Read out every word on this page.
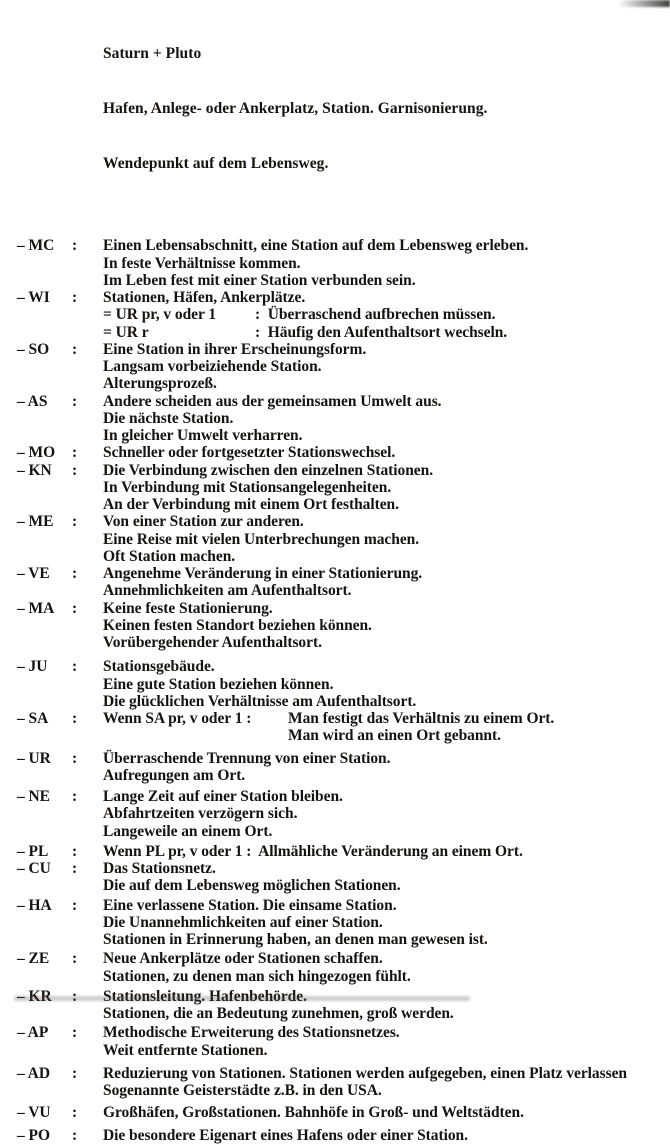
Saturn + Pluto

Hafen, Anlege- oder Ankerplatz, Station. Garnisonierung.

Wendepunkt auf dem Lebensweg.

– MC	:	Einen Lebensabschnitt, eine Station auf dem Lebensweg erleben.
In feste Verhältnisse kommen.
Im Leben fest mit einer Station verbunden sein.
– WI	:	Stationen, Häfen, Ankerplätze.
= UR pr, v oder 1	:  Überraschend aufbrechen müssen.
= UR r	:  Häufig den Aufenthaltsort wechseln.
– SO	:	Eine Station in ihrer Erscheinungsform.
Langsam vorbeiziehende Station.
Alterungsprozeß.
– AS	:	Andere scheiden aus der gemeinsamen Umwelt aus.
Die nächste Station.
In gleicher Umwelt verharren.
– MO	:	Schneller oder fortgesetzter Stationswechsel.
– KN	:	Die Verbindung zwischen den einzelnen Stationen.
In Verbindung mit Stationsangelegenheiten.
An der Verbindung mit einem Ort festhalten.
– ME	:	Von einer Station zur anderen.
Eine Reise mit vielen Unterbrechungen machen.
Oft Station machen.
– VE	:	Angenehme Veränderung in einer Stationierung.
Annehmlichkeiten am Aufenthaltsort.
– MA	:	Keine feste Stationierung.
Keinen festen Standort beziehen können.
Vorübergehender Aufenthaltsort.
– JU	:	Stationsgebäude.
Eine gute Station beziehen können.
Die glücklichen Verhältnisse am Aufenthaltsort.
– SA	:	Wenn SA pr, v oder 1 : Man festigt das Verhältnis zu einem Ort.
Man wird an einen Ort gebannt.
– UR	:	Überraschende Trennung von einer Station.
Aufregungen am Ort.
– NE	:	Lange Zeit auf einer Station bleiben.
Abfahrtzeiten verzögern sich.
Langeweile an einem Ort.
– PL	:	Wenn PL pr, v oder 1 :  Allmähliche Veränderung an einem Ort.
– CU	:	Das Stationsnetz.
Die auf dem Lebensweg möglichen Stationen.
– HA	:	Eine verlassene Station. Die einsame Station.
Die Unannehmlichkeiten auf einer Station.
Stationen in Erinnerung haben, an denen man gewesen ist.
– ZE	:	Neue Ankerplätze oder Stationen schaffen.
Stationen, zu denen man sich hingezogen fühlt.
– KR	:	Stationsleitung. Hafenbehörde.
Stationen, die an Bedeutung zunehmen, groß werden.
– AP	:	Methodische Erweiterung des Stationsnetzes.
Weit entfernte Stationen.
– AD	:	Reduzierung von Stationen. Stationen werden aufgegeben, einen Platz verlassen
Sogenannte Geisterstädte z.B. in den USA.
– VU	:	Großhäfen, Großstationen. Bahnhöfe in Groß- und Weltstädten.
– PO	:	Die besondere Eigenart eines Hafens oder einer Station.
